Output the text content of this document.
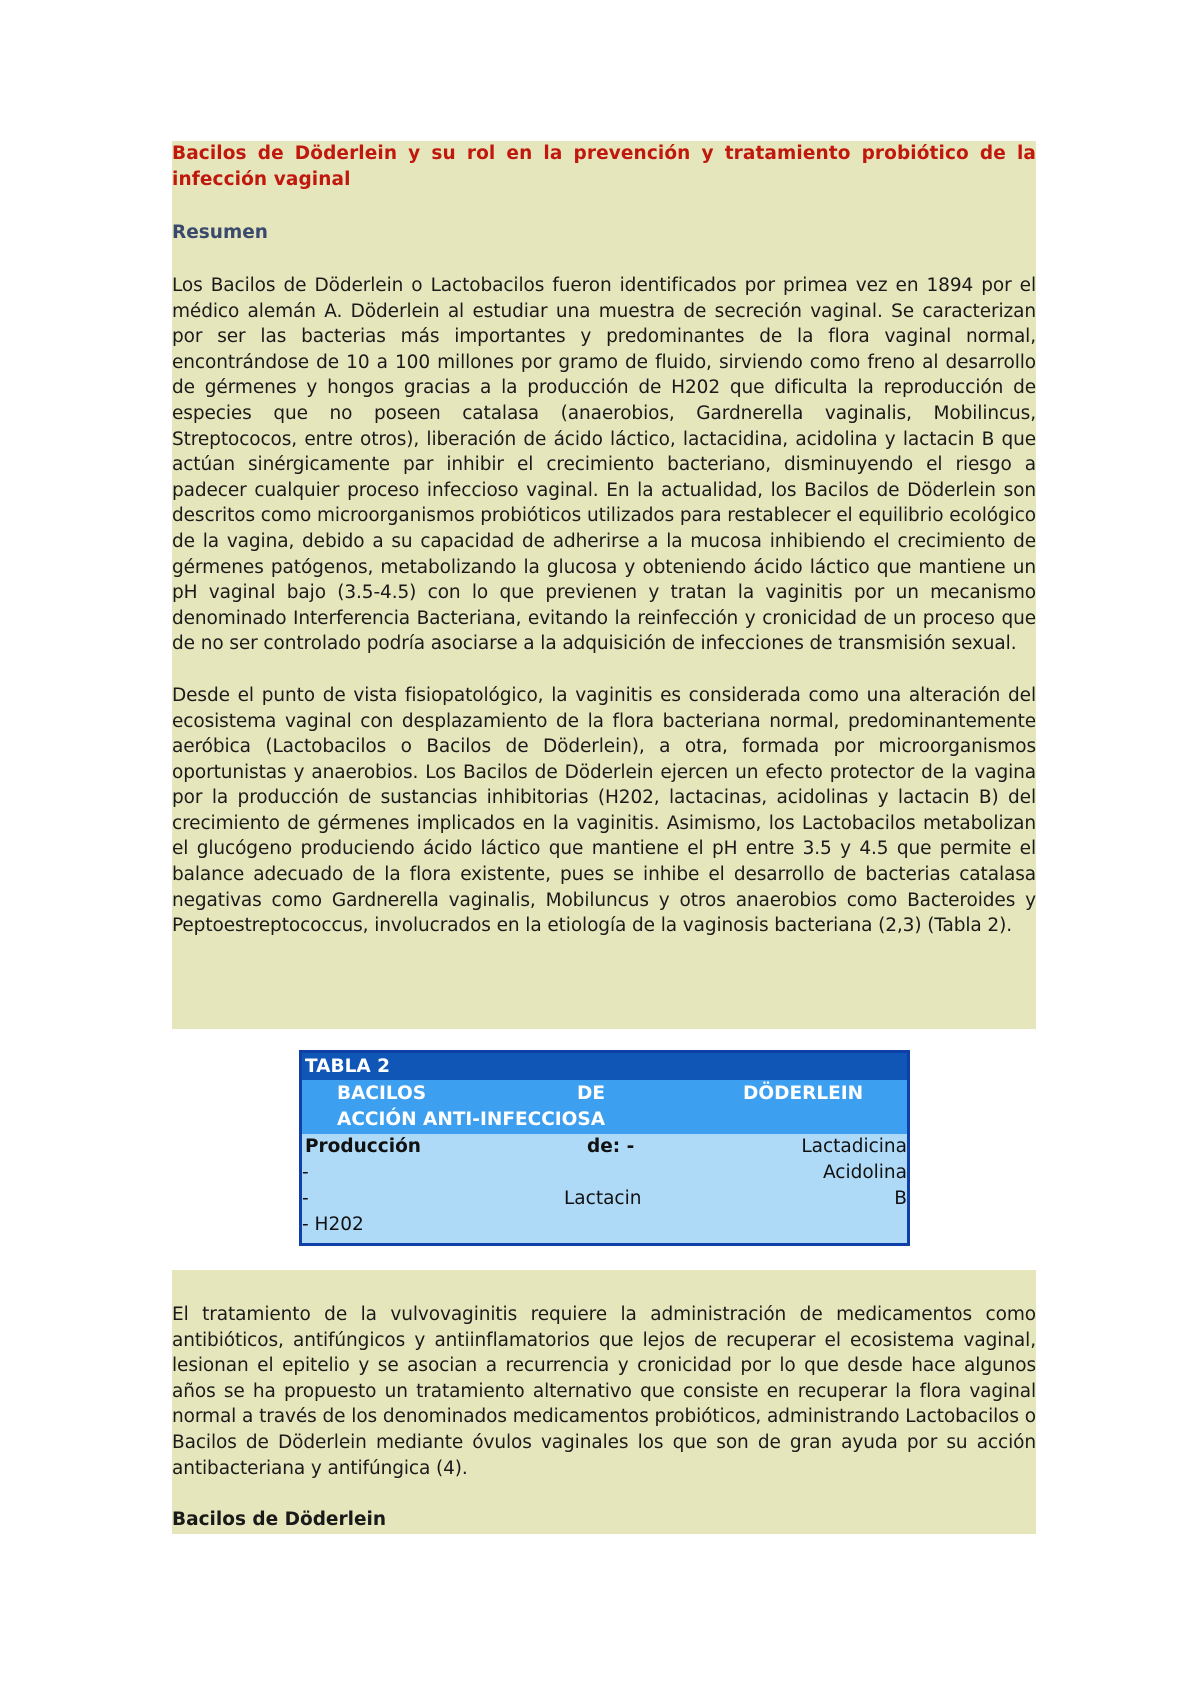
Bacilos de Döderlein y su rol en la prevención y tratamiento probiótico de la infección vaginal

Resumen

Los Bacilos de Döderlein o Lactobacilos fueron identificados por primea vez en 1894 por el médico alemán A. Döderlein al estudiar una muestra de secreción vaginal. Se caracterizan por ser las bacterias más importantes y predominantes de la flora vaginal normal, encontrándose de 10 a 100 millones por gramo de fluido, sirviendo como freno al desarrollo de gérmenes y hongos gracias a la producción de H202 que dificulta la reproducción de especies que no poseen catalasa (anaerobios, Gardnerella vaginalis, Mobilincus, Streptococos, entre otros), liberación de ácido láctico, lactacidina, acidolina y lactacin B que actúan sinérgicamente par inhibir el crecimiento bacteriano, disminuyendo el riesgo a padecer cualquier proceso infeccioso vaginal. En la actualidad, los Bacilos de Döderlein son descritos como microorganismos probióticos utilizados para restablecer el equilibrio ecológico de la vagina, debido a su capacidad de adherirse a la mucosa inhibiendo el crecimiento de gérmenes patógenos, metabolizando la glucosa y obteniendo ácido láctico que mantiene un pH vaginal bajo (3.5-4.5) con lo que previenen y tratan la vaginitis por un mecanismo denominado Interferencia Bacteriana, evitando la reinfección y cronicidad de un proceso que de no ser controlado podría asociarse a la adquisición de infecciones de transmisión sexual.

Desde el punto de vista fisiopatológico, la vaginitis es considerada como una alteración del ecosistema vaginal con desplazamiento de la flora bacteriana normal, predominantemente aeróbica (Lactobacilos o Bacilos de Döderlein), a otra, formada por microorganismos oportunistas y anaerobios. Los Bacilos de Döderlein ejercen un efecto protector de la vagina por la producción de sustancias inhibitorias (H202, lactacinas, acidolinas y lactacin B) del crecimiento de gérmenes implicados en la vaginitis. Asimismo, los Lactobacilos metabolizan el glucógeno produciendo ácido láctico que mantiene el pH entre 3.5 y 4.5 que permite el balance adecuado de la flora existente, pues se inhibe el desarrollo de bacterias catalasa negativas como Gardnerella vaginalis, Mobiluncus y otros anaerobios como Bacteroides y Peptoestreptococcus, involucrados en la etiología de la vaginosis bacteriana (2,3) (Tabla 2).

TABLA 2
BACILOS	DE	DÖDERLEIN
ACCIÓN ANTI-INFECCIOSA
Producción	de: -	Lactadicina
-	Acidolina
-	Lactacin	B
- H202

El tratamiento de la vulvovaginitis requiere la administración de medicamentos como antibióticos, antifúngicos y antiinflamatorios que lejos de recuperar el ecosistema vaginal, lesionan el epitelio y se asocian a recurrencia y cronicidad por lo que desde hace algunos años se ha propuesto un tratamiento alternativo que consiste en recuperar la flora vaginal normal a través de los denominados medicamentos probióticos, administrando Lactobacilos o Bacilos de Döderlein mediante óvulos vaginales los que son de gran ayuda por su acción antibacteriana y antifúngica (4).

Bacilos de Döderlein
